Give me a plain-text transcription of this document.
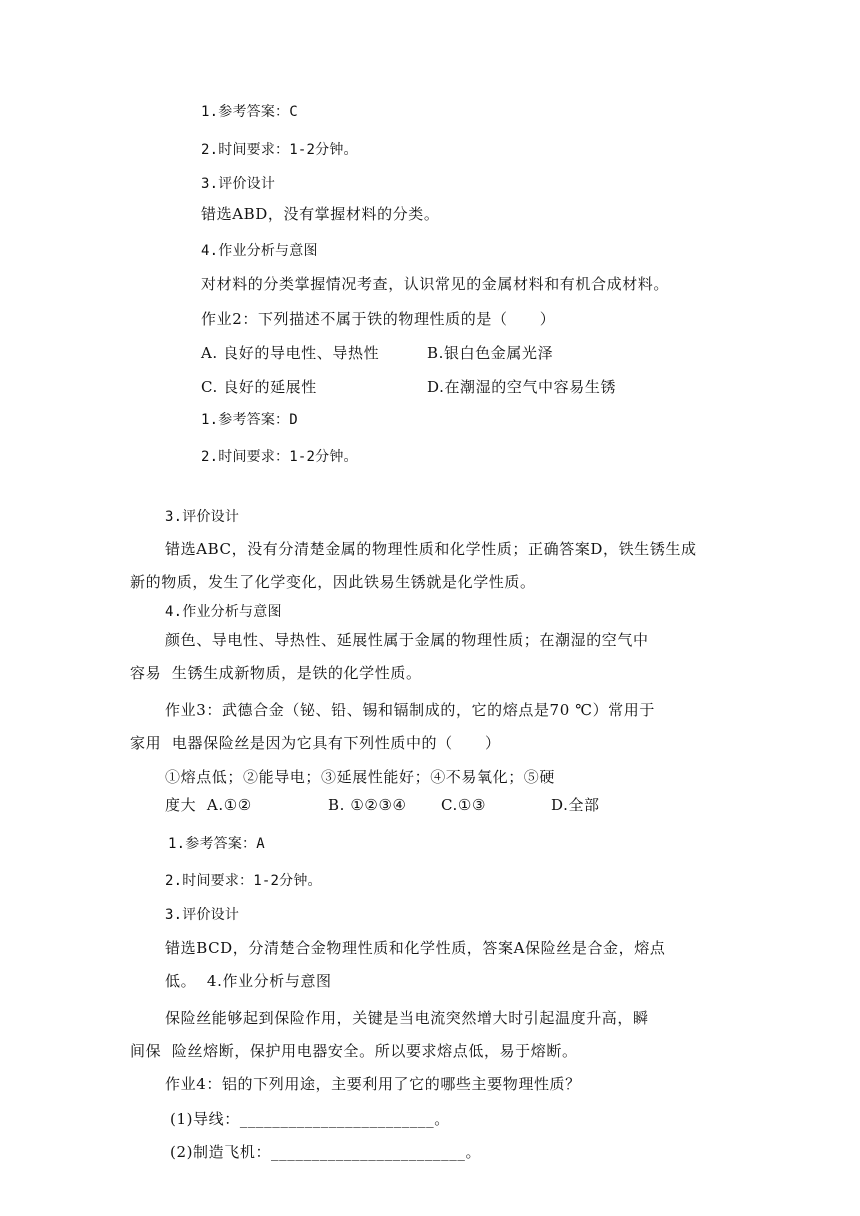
1.参考答案：C
2.时间要求：1-2分钟。
3.评价设计
错选ABD，没有掌握材料的分类。
4.作业分析与意图
对材料的分类掌握情况考查，认识常见的金属材料和有机合成材料。
作业2：下列描述不属于铁的物理性质的是（      ）
A. 良好的导电性、导热性	B.银白色金属光泽
C. 良好的延展性	D.在潮湿的空气中容易生锈
1.参考答案：D
2.时间要求：1-2分钟。
3.评价设计
错选ABC，没有分清楚金属的物理性质和化学性质；正确答案D，铁生锈生成
新的物质，发生了化学变化，因此铁易生锈就是化学性质。
4.作业分析与意图
颜色、导电性、导热性、延展性属于金属的物理性质；在潮湿的空气中
容易  生锈生成新物质，是铁的化学性质。
作业3：武德合金（铋、铅、锡和镉制成的，它的熔点是70 ℃）常用于
家用  电器保险丝是因为它具有下列性质中的（      ）
①熔点低；②能导电；③延展性能好；④不易氧化；⑤硬
度大  A.①②	B. ①②③④ C.①③	D.全部
1.参考答案：A
2.时间要求：1-2分钟。
3.评价设计
错选BCD，分清楚合金物理性质和化学性质，答案A保险丝是合金，熔点
低。  4.作业分析与意图
保险丝能够起到保险作用，关键是当电流突然增大时引起温度升高，瞬
间保  险丝熔断，保护用电器安全。所以要求熔点低，易于熔断。
作业4：铝的下列用途，主要利用了它的哪些主要物理性质？
(1)导线：________________________。
(2)制造飞机：________________________。
